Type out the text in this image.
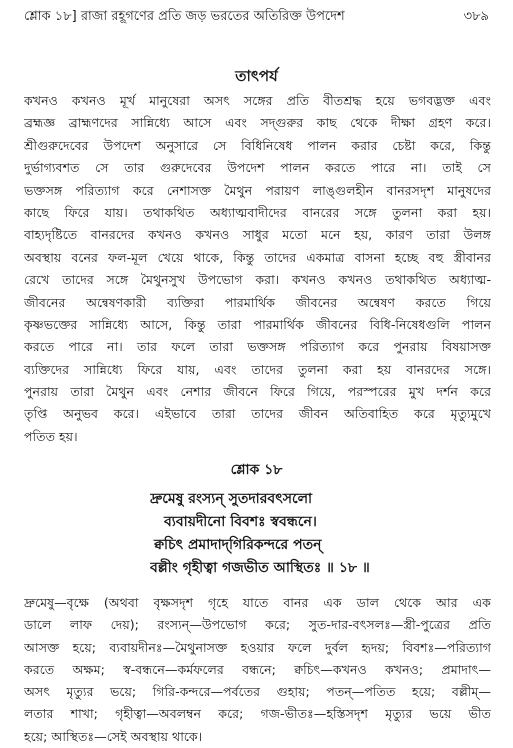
শ্লোক ১৮] রাজা রহূগণের প্রতি জড় ভরতের অতিরিক্ত উপদেশ	৩৮৯
তাৎপর্য
কখনও কখনও মূর্খ মানুষেরা অসৎ সঙ্গের প্রতি বীতশ্রদ্ধ হয়ে ভগবদ্ভক্ত এবং
ব্রহ্মজ্ঞ ব্রাহ্মণদের সান্নিধ্যে আসে এবং সদ্গুরুর কাছ থেকে দীক্ষা গ্রহণ করে।
শ্রীগুরুদেবের উপদেশ অনুসারে সে বিধিনিষেধ পালন করার চেষ্টা করে, কিন্তু
দুর্ভাগ্যবশত সে তার গুরুদেবের উপদেশ পালন করতে পারে না। তাই সে
ভক্তসঙ্গ পরিত্যাগ করে নেশাসক্ত মৈথুন পরায়ণ লাঙ্গুলহীন বানরসদৃশ মানুষদের
কাছে ফিরে যায়। তথাকথিত অধ্যাত্মবাদীদের বানরের সঙ্গে তুলনা করা হয়।
বাহ্যদৃষ্টিতে বানরদের কখনও কখনও সাধুর মতো মনে হয়, কারণ তারা উলঙ্গ
অবস্থায় বনের ফল-মূল খেয়ে থাকে, কিন্তু তাদের একমাত্র বাসনা হচ্ছে বহু স্ত্রীবানর
রেখে তাদের সঙ্গে মৈথুনসুখ উপভোগ করা। কখনও কখনও তথাকথিত অধ্যাত্ম-
জীবনের অন্বেষণকারী ব্যক্তিরা পারমার্থিক জীবনের অন্বেষণ করতে গিয়ে
কৃষ্ণভক্তের সান্নিধ্যে আসে, কিন্তু তারা পারমার্থিক জীবনের বিধি-নিষেধগুলি পালন
করতে পারে না। তার ফলে তারা ভক্তসঙ্গ পরিত্যাগ করে পুনরায় বিষয়াসক্ত
ব্যক্তিদের সান্নিধ্যে ফিরে যায়, এবং তাদের তুলনা করা হয় বানরদের সঙ্গে।
পুনরায় তারা মৈথুন এবং নেশার জীবনে ফিরে গিয়ে, পরস্পরের মুখ দর্শন করে
তৃপ্তি অনুভব করে। এইভাবে তারা তাদের জীবন অতিবাহিত করে মৃত্যুমুখে
পতিত হয়।
শ্লোক ১৮
দ্রুমেষু রংস্যন্ সুতদারবৎসলো
ব্যবায়দীনো বিবশঃ স্ববন্ধনে।
ক্বচিৎ প্রমাদাদ্‌গিরিকন্দরে পতন্
বল্লীং গৃহীত্বা গজভীত আস্থিতঃ ॥ ১৮ ॥
দ্রুমেষু—বৃক্ষে (অথবা বৃক্ষসদৃশ গৃহে যাতে বানর এক ডাল থেকে আর এক
ডালে লাফ দেয়); রংস্যন্—উপভোগ করে; সুত-দার-বৎসলঃ—স্ত্রী-পুত্রের প্রতি
আসক্ত হয়ে; ব্যবায়দীনঃ—মৈথুনাসক্ত হওয়ার ফলে দুর্বল হৃদয়; বিবশঃ—পরিত্যাগ
করতে অক্ষম; স্ব-বন্ধনে—কর্মফলের বন্ধনে; ক্বচিৎ—কখনও কখনও; প্রমাদাৎ—
অসৎ মৃত্যুর ভয়ে; গিরি-কন্দরে—পর্বতের গুহায়; পতন্—পতিত হয়ে; বল্লীম্—
লতার শাখা; গৃহীত্বা—অবলম্বন করে; গজ-ভীতঃ—হস্তিসদৃশ মৃত্যুর ভয়ে ভীত
হয়ে; আস্থিতঃ—সেই অবস্থায় থাকে।
